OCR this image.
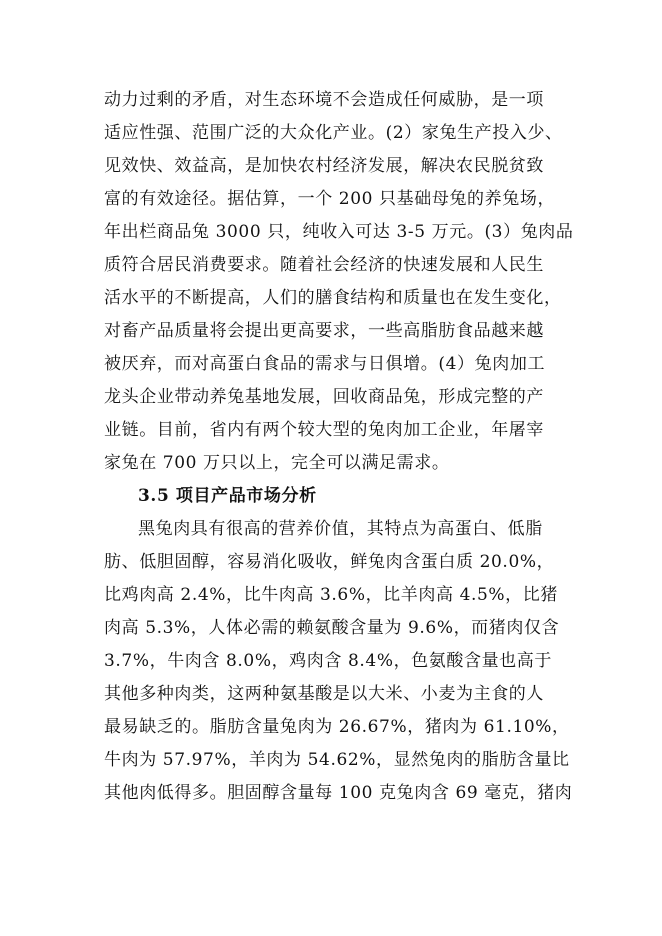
动力过剩的矛盾，对生态环境不会造成任何威胁，是一项
适应性强、范围广泛的大众化产业。(2）家兔生产投入少、
见效快、效益高，是加快农村经济发展，解决农民脱贫致
富的有效途径。据估算，一个 200 只基础母兔的养兔场，
年出栏商品兔 3000 只，纯收入可达 3-5 万元。(3）兔肉品
质符合居民消费要求。随着社会经济的快速发展和人民生
活水平的不断提高，人们的膳食结构和质量也在发生变化，
对畜产品质量将会提出更高要求，一些高脂肪食品越来越
被厌弃，而对高蛋白食品的需求与日俱增。(4）兔肉加工
龙头企业带动养兔基地发展，回收商品兔，形成完整的产
业链。目前，省内有两个较大型的兔肉加工企业，年屠宰
家兔在 700 万只以上，完全可以满足需求。
3.5 项目产品市场分析
黑兔肉具有很高的营养价值，其特点为高蛋白、低脂
肪、低胆固醇，容易消化吸收，鲜兔肉含蛋白质 20.0%，
比鸡肉高 2.4%，比牛肉高 3.6%，比羊肉高 4.5%，比猪
肉高 5.3%，人体必需的赖氨酸含量为 9.6%，而猪肉仅含
3.7%，牛肉含 8.0%，鸡肉含 8.4%，色氨酸含量也高于
其他多种肉类，这两种氨基酸是以大米、小麦为主食的人
最易缺乏的。脂肪含量兔肉为 26.67%，猪肉为 61.10%，
牛肉为 57.97%，羊肉为 54.62%，显然兔肉的脂肪含量比
其他肉低得多。胆固醇含量每 100 克兔肉含 69 毫克，猪肉
